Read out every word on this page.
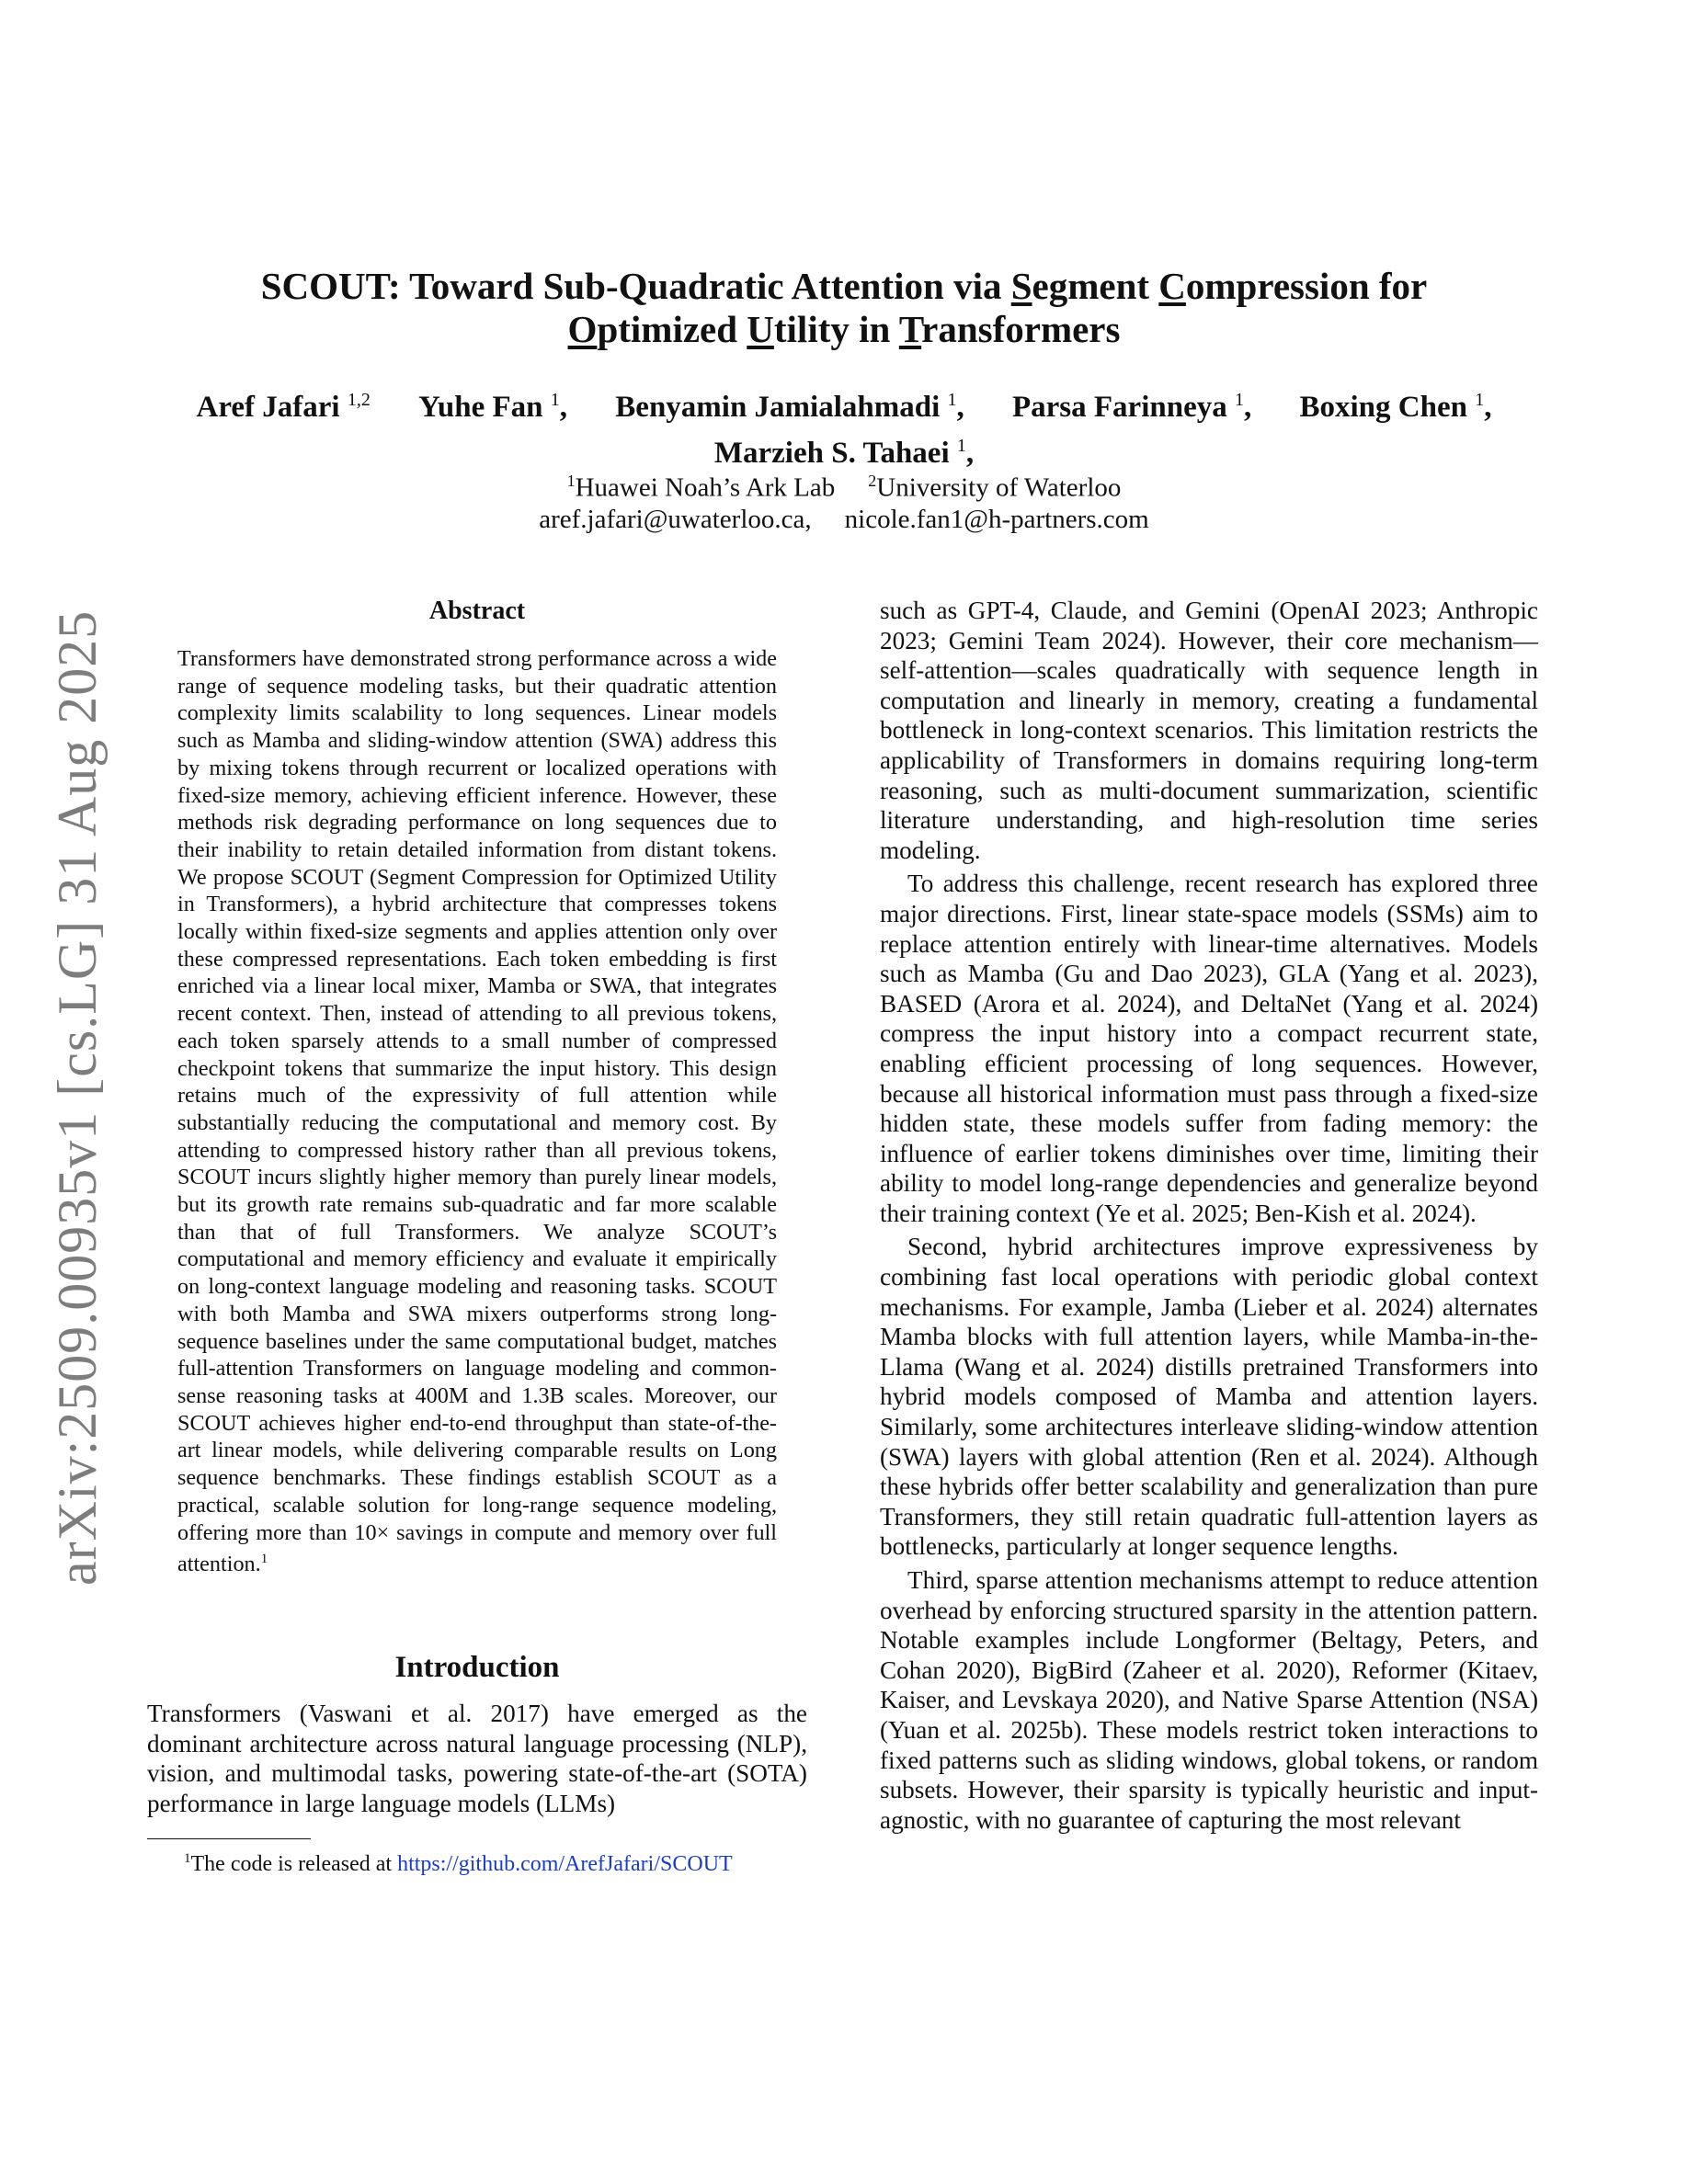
arXiv:2509.00935v1 [cs.LG] 31 Aug 2025
SCOUT: Toward Sub-Quadratic Attention via Segment Compression for
Optimized Utility in Transformers
Aref Jafari $^{1,2}$ Yuhe Fan $^1$, Benyamin Jamialahmadi $^1$, Parsa Farinneya $^1$, Boxing Chen $^1$,
Marzieh S. Tahaei $^1$,
$^1$Huawei Noah’s Ark Lab $^2$University of Waterloo
aref.jafari@uwaterloo.ca, nicole.fan1@h-partners.com
Abstract
Transformers have demonstrated strong performance across a wide range of sequence modeling tasks, but their quadratic attention complexity limits scalability to long sequences. Linear models such as Mamba and sliding-window attention (SWA) address this by mixing tokens through recurrent or localized operations with fixed-size memory, achieving efficient inference. However, these methods risk degrading performance on long sequences due to their inability to retain detailed information from distant tokens. We propose SCOUT (Segment Compression for Optimized Utility in Transformers), a hybrid architecture that compresses tokens locally within fixed-size segments and applies attention only over these compressed representations. Each token embedding is first enriched via a linear local mixer, Mamba or SWA, that integrates recent context. Then, instead of attending to all previous tokens, each token sparsely attends to a small number of compressed checkpoint tokens that summarize the input history. This design retains much of the expressivity of full attention while substantially reducing the computational and memory cost. By attending to compressed history rather than all previous tokens, SCOUT incurs slightly higher memory than purely linear models, but its growth rate remains sub-quadratic and far more scalable than that of full Transformers. We analyze SCOUT’s computational and memory efficiency and evaluate it empirically on long-context language modeling and reasoning tasks. SCOUT with both Mamba and SWA mixers outperforms strong long-sequence baselines under the same computational budget, matches full-attention Transformers on language modeling and common-sense reasoning tasks at 400M and 1.3B scales. Moreover, our SCOUT achieves higher end-to-end throughput than state-of-the-art linear models, while delivering comparable results on Long sequence benchmarks. These findings establish SCOUT as a practical, scalable solution for long-range sequence modeling, offering more than 10× savings in compute and memory over full attention.$^1$
Introduction

Transformers (Vaswani et al. 2017) have emerged as the dominant architecture across natural language processing (NLP), vision, and multimodal tasks, powering state-of-the-art (SOTA) performance in large language models (LLMs)

$^1$The code is released at https://github.com/ArefJafari/SCOUT

such as GPT-4, Claude, and Gemini (OpenAI 2023; Anthropic 2023; Gemini Team 2024). However, their core mechanism—self-attention—scales quadratically with sequence length in computation and linearly in memory, creating a fundamental bottleneck in long-context scenarios. This limitation restricts the applicability of Transformers in domains requiring long-term reasoning, such as multi-document summarization, scientific literature understanding, and high-resolution time series modeling.

To address this challenge, recent research has explored three major directions. First, linear state-space models (SSMs) aim to replace attention entirely with linear-time alternatives. Models such as Mamba (Gu and Dao 2023), GLA (Yang et al. 2023), BASED (Arora et al. 2024), and DeltaNet (Yang et al. 2024) compress the input history into a compact recurrent state, enabling efficient processing of long sequences. However, because all historical information must pass through a fixed-size hidden state, these models suffer from fading memory: the influence of earlier tokens diminishes over time, limiting their ability to model long-range dependencies and generalize beyond their training context (Ye et al. 2025; Ben-Kish et al. 2024).

Second, hybrid architectures improve expressiveness by combining fast local operations with periodic global context mechanisms. For example, Jamba (Lieber et al. 2024) alternates Mamba blocks with full attention layers, while Mamba-in-the-Llama (Wang et al. 2024) distills pretrained Transformers into hybrid models composed of Mamba and attention layers. Similarly, some architectures interleave sliding-window attention (SWA) layers with global attention (Ren et al. 2024). Although these hybrids offer better scalability and generalization than pure Transformers, they still retain quadratic full-attention layers as bottlenecks, particularly at longer sequence lengths.

Third, sparse attention mechanisms attempt to reduce attention overhead by enforcing structured sparsity in the attention pattern. Notable examples include Longformer (Beltagy, Peters, and Cohan 2020), BigBird (Zaheer et al. 2020), Reformer (Kitaev, Kaiser, and Levskaya 2020), and Native Sparse Attention (NSA) (Yuan et al. 2025b). These models restrict token interactions to fixed patterns such as sliding windows, global tokens, or random subsets. However, their sparsity is typically heuristic and input-agnostic, with no guarantee of capturing the most relevant
